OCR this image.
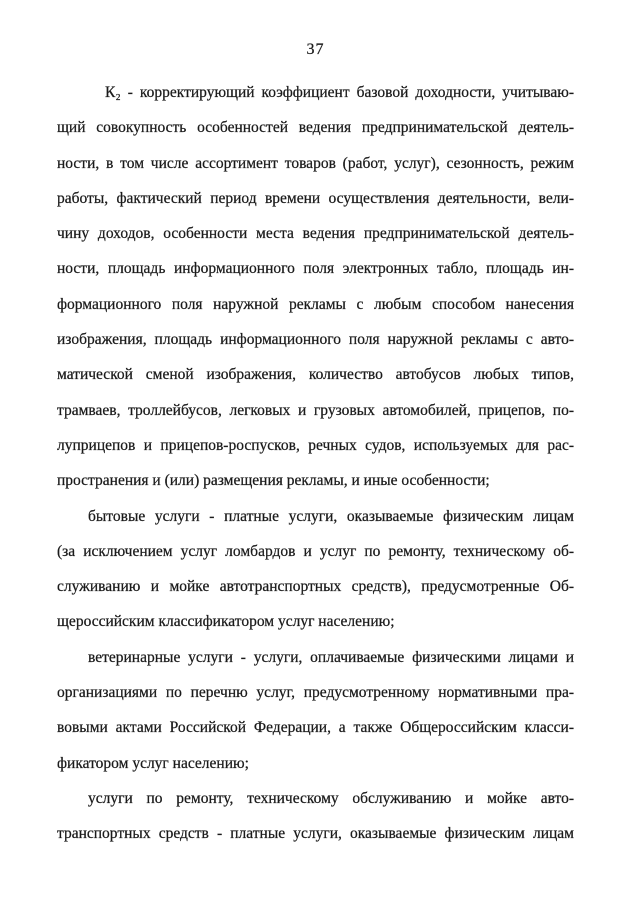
37
К₂ - корректирующий коэффициент базовой доходности, учитываю-
щий совокупность особенностей ведения предпринимательской деятель-
ности, в том числе ассортимент товаров (работ, услуг), сезонность, режим
работы, фактический период времени осуществления деятельности, вели-
чину доходов, особенности места ведения предпринимательской деятель-
ности, площадь информационного поля электронных табло, площадь ин-
формационного поля наружной рекламы с любым способом нанесения
изображения, площадь информационного поля наружной рекламы с авто-
матической сменой изображения, количество автобусов любых типов,
трамваев, троллейбусов, легковых и грузовых автомобилей, прицепов, по-
луприцепов и прицепов-роспусков, речных судов, используемых для рас-
пространения и (или) размещения рекламы, и иные особенности;
бытовые услуги - платные услуги, оказываемые физическим лицам
(за исключением услуг ломбардов и услуг по ремонту, техническому об-
служиванию и мойке автотранспортных средств), предусмотренные Об-
щероссийским классификатором услуг населению;
ветеринарные услуги - услуги, оплачиваемые физическими лицами и
организациями по перечню услуг, предусмотренному нормативными пра-
вовыми актами Российской Федерации, а также Общероссийским класси-
фикатором услуг населению;
услуги по ремонту, техническому обслуживанию и мойке авто-
транспортных средств - платные услуги, оказываемые физическим лицам
